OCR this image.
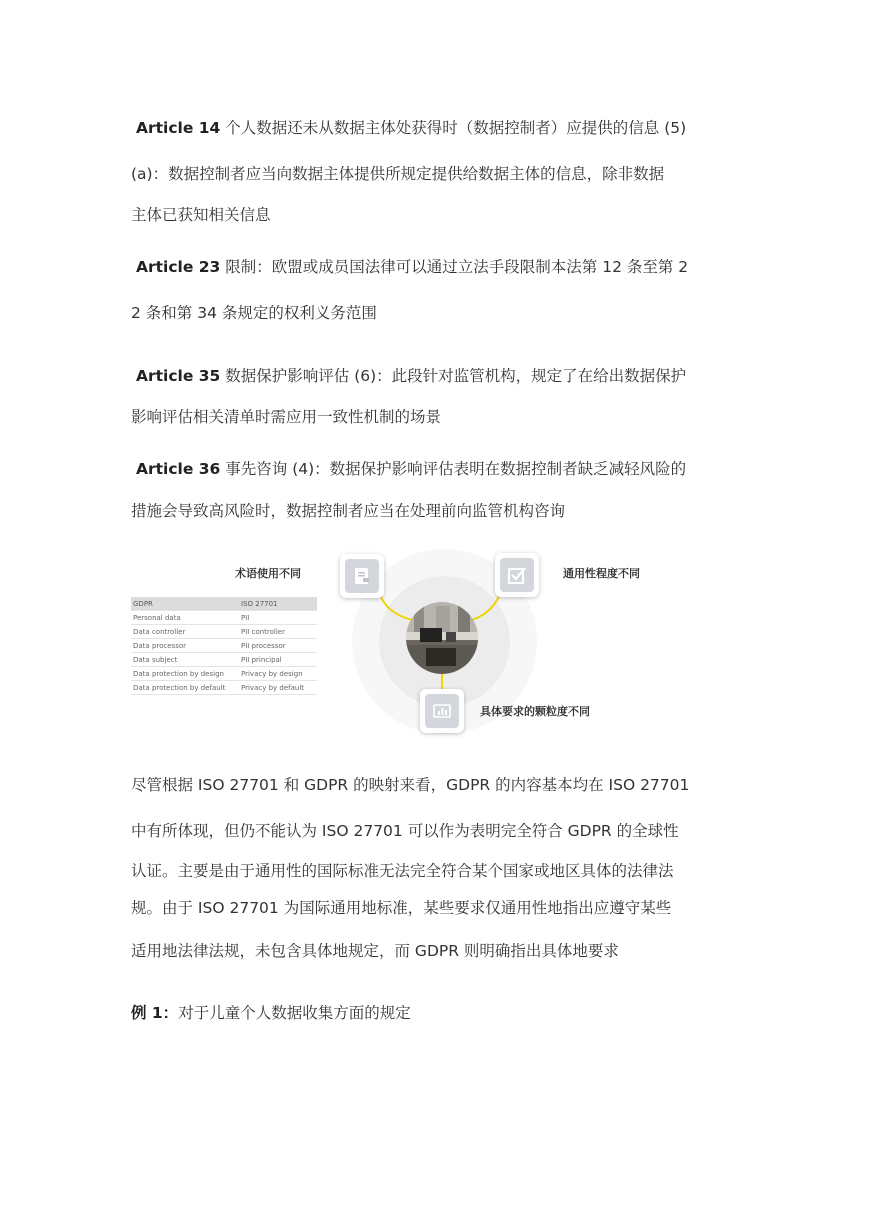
Article 14 个人数据还未从数据主体处获得时（数据控制者）应提供的信息 (5)
(a)：数据控制者应当向数据主体提供所规定提供给数据主体的信息，除非数据
主体已获知相关信息
Article 23 限制：欧盟或成员国法律可以通过立法手段限制本法第 12 条至第 2
2 条和第 34 条规定的权利义务范围
Article 35 数据保护影响评估 (6)：此段针对监管机构，规定了在给出数据保护
影响评估相关清单时需应用一致性机制的场景
Article 36 事先咨询 (4)：数据保护影响评估表明在数据控制者缺乏减轻风险的
措施会导致高风险时，数据控制者应当在处理前向监管机构咨询
术语使用不同
GDPR	ISO 27701
Personal data	PII
Data controller	PII controller
Data processor	PII processor
Data subject	PII principal
Data protection by design	Privacy by design
Data protection by default	Privacy by default
通用性程度不同
具体要求的颗粒度不同
尽管根据 ISO 27701 和 GDPR 的映射来看，GDPR 的内容基本均在 ISO 27701
中有所体现，但仍不能认为 ISO 27701 可以作为表明完全符合 GDPR 的全球性
认证。主要是由于通用性的国际标准无法完全符合某个国家或地区具体的法律法
规。由于 ISO 27701 为国际通用地标准，某些要求仅通用性地指出应遵守某些
适用地法律法规，未包含具体地规定，而 GDPR 则明确指出具体地要求
例 1：对于儿童个人数据收集方面的规定
